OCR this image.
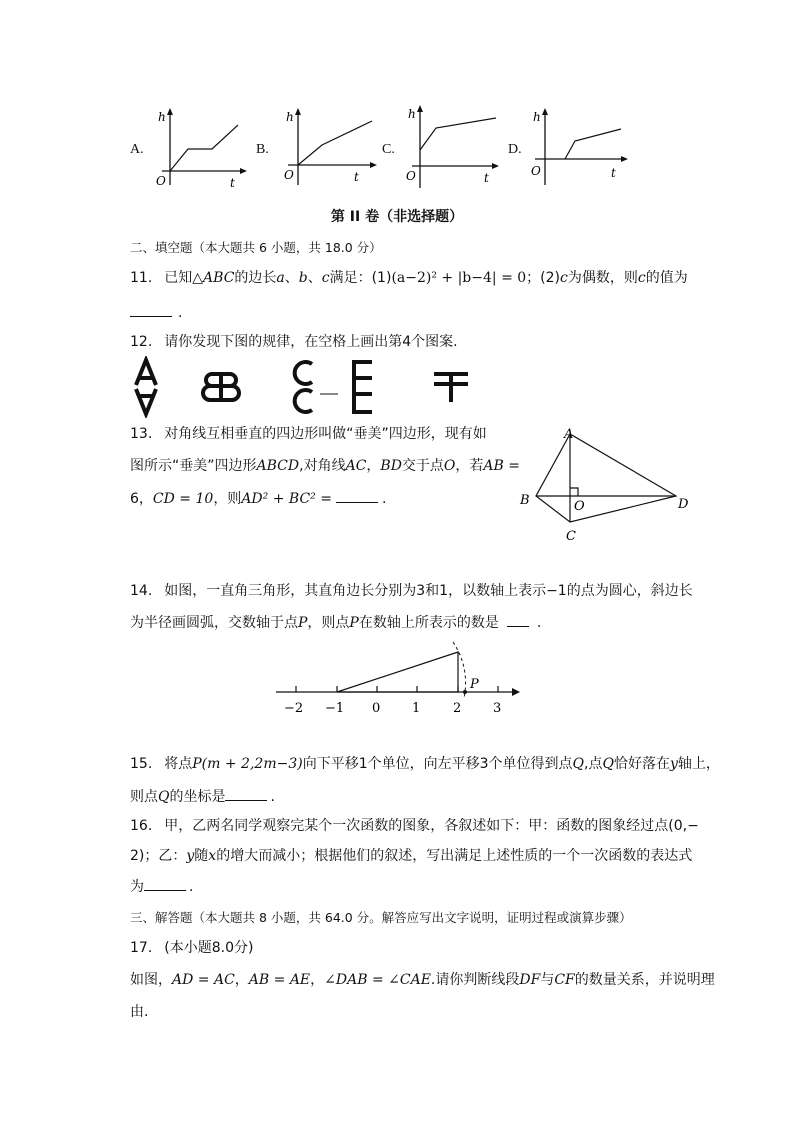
A.	B.	C.	D.
h
O	t
h
O	t
h
O	t
h
O	t
第 II 卷（非选择题）
二、填空题（本大题共 6 小题，共 18.0 分）
11. 已知△ABC的边长a、b、c满足：(1)(a−2)² + |b−4| = 0；(2)c为偶数，则c的值为
.
12. 请你发现下图的规律，在空格上画出第4个图案.
13. 对角线互相垂直的四边形叫做“垂美”四边形，现有如
图所示“垂美”四边形ABCD,对角线AC，BD交于点O，若AB =
6，CD = 10，则AD² + BC² =	.
A
B
C
D
O
14. 如图，一直角三角形，其直角边长分别为3和1，以数轴上表示−1的点为圆心，斜边长
为半径画圆弧，交数轴于点P，则点P在数轴上所表示的数是	.
P
−2 −1 0 1	2 3
15. 将点P(m + 2,2m−3)向下平移1个单位，向左平移3个单位得到点Q,点Q恰好落在y轴上，
则点Q的坐标是	.
16. 甲，乙两名同学观察完某个一次函数的图象，各叙述如下：甲：函数的图象经过点(0,−
2)；乙：y随x的增大而减小；根据他们的叙述，写出满足上述性质的一个一次函数的表达式
为	.
三、解答题（本大题共 8 小题，共 64.0 分。解答应写出文字说明，证明过程或演算步骤）
17. (本小题8.0分)
如图，AD = AC，AB = AE，∠DAB = ∠CAE.请你判断线段DF与CF的数量关系，并说明理
由.
